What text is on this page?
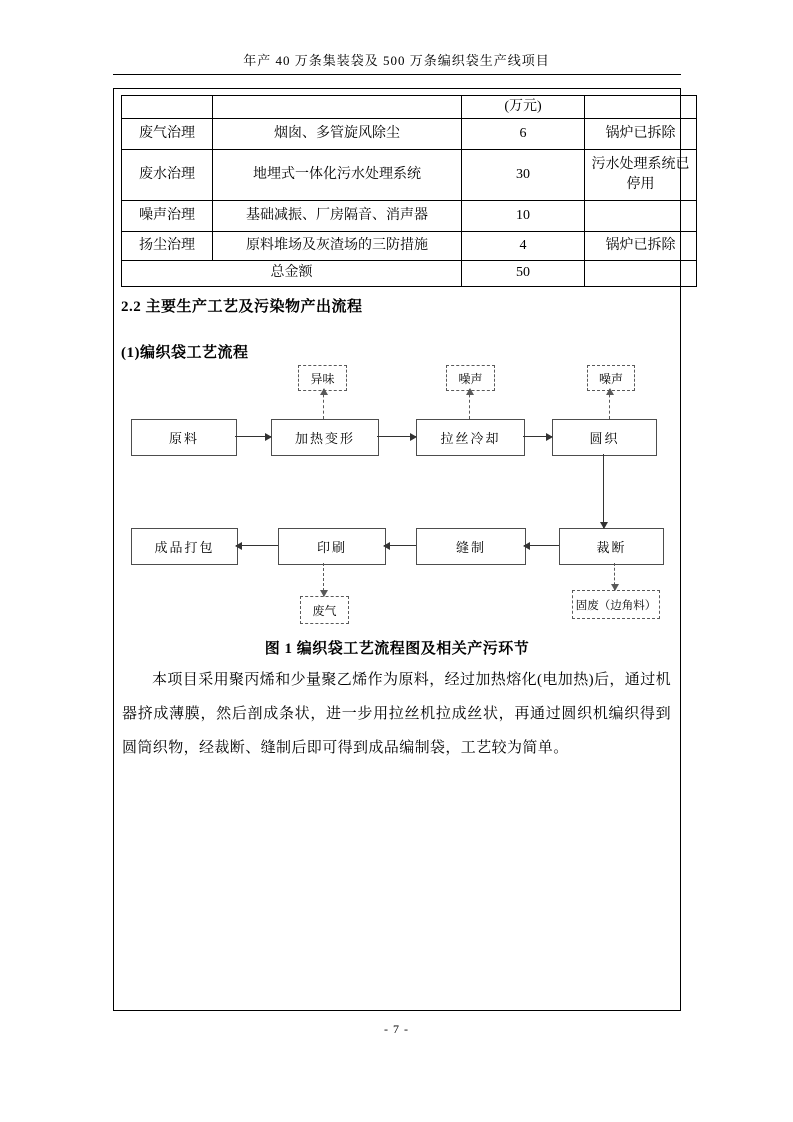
年产 40 万条集装袋及 500 万条编织袋生产线项目
		(万元)	
废气治理	烟囱、多管旋风除尘	6	锅炉已拆除
废水治理	地埋式一体化污水处理系统	30	污水处理系统已停用
噪声治理	基础减振、厂房隔音、消声器	10	
扬尘治理	原料堆场及灰渣场的三防措施	4	锅炉已拆除
总金额		50	
2.2 主要生产工艺及污染物产出流程
(1)编织袋工艺流程
异味	噪声	噪声
原料	加热变形	拉丝冷却	圆织
成品打包	印刷	缝制	裁断
废气	固废（边角料）
图 1 编织袋工艺流程图及相关产污环节
本项目采用聚丙烯和少量聚乙烯作为原料，经过加热熔化(电加热)后，通过机器挤成薄膜，然后剖成条状，进一步用拉丝机拉成丝状，再通过圆织机编织得到圆筒织物，经裁断、缝制后即可得到成品编制袋，工艺较为简单。
- 7 -
